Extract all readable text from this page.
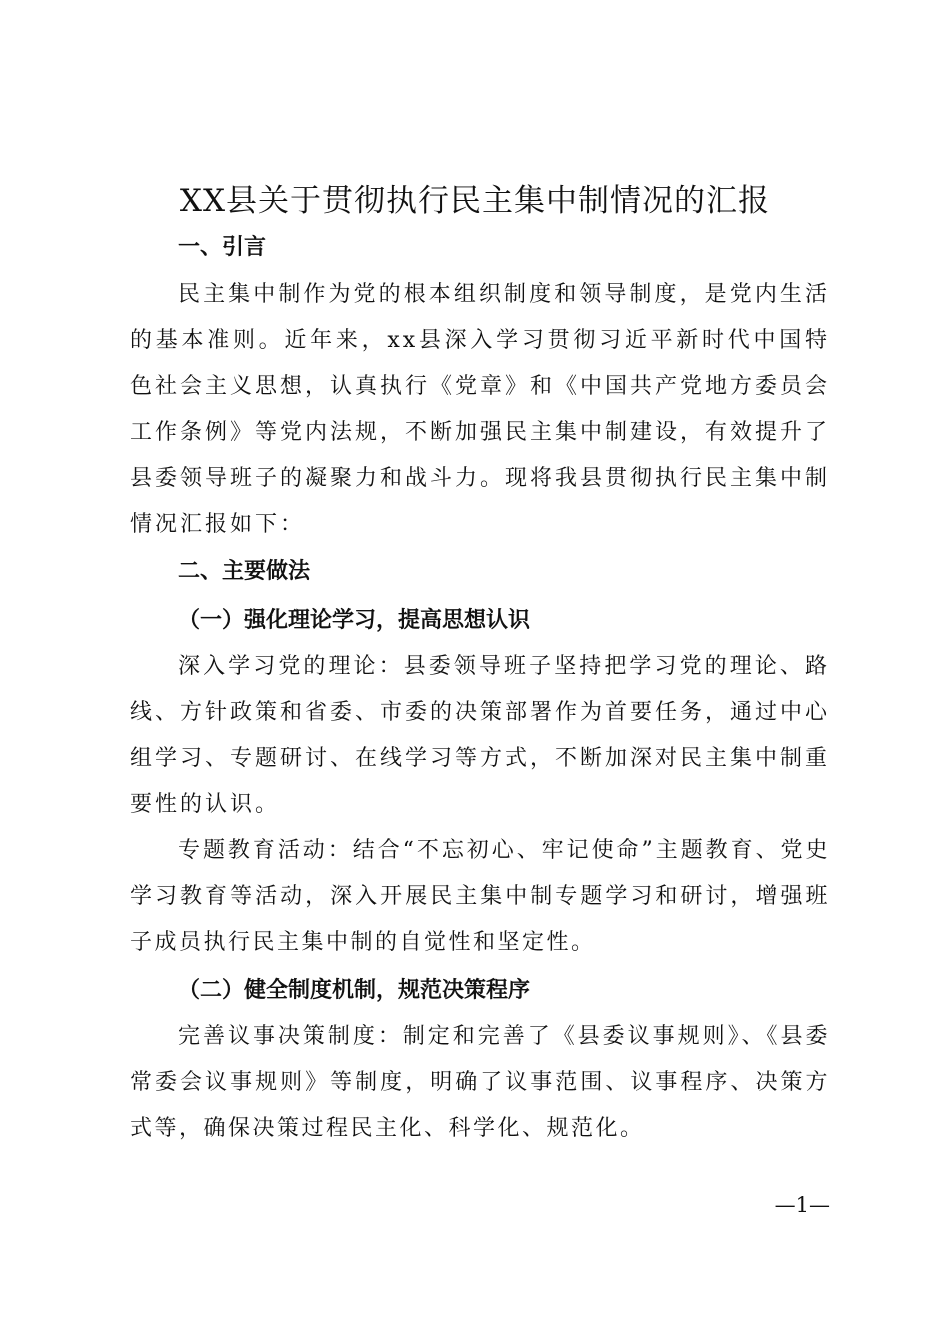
XX县关于贯彻执行民主集中制情况的汇报
一、引言

民主集中制作为党的根本组织制度和领导制度，是党内生活的基本准则。近年来，xx县深入学习贯彻习近平新时代中国特色社会主义思想，认真执行《党章》和《中国共产党地方委员会工作条例》等党内法规，不断加强民主集中制建设，有效提升了县委领导班子的凝聚力和战斗力。现将我县贯彻执行民主集中制情况汇报如下：

二、主要做法
（一）强化理论学习，提高思想认识

深入学习党的理论：县委领导班子坚持把学习党的理论、路线、方针政策和省委、市委的决策部署作为首要任务，通过中心组学习、专题研讨、在线学习等方式，不断加深对民主集中制重要性的认识。

专题教育活动：结合“不忘初心、牢记使命”主题教育、党史学习教育等活动，深入开展民主集中制专题学习和研讨，增强班子成员执行民主集中制的自觉性和坚定性。

（二）健全制度机制，规范决策程序

完善议事决策制度：制定和完善了《县委议事规则》、《县委常委会议事规则》等制度，明确了议事范围、议事程序、决策方式等，确保决策过程民主化、科学化、规范化。

—1—
